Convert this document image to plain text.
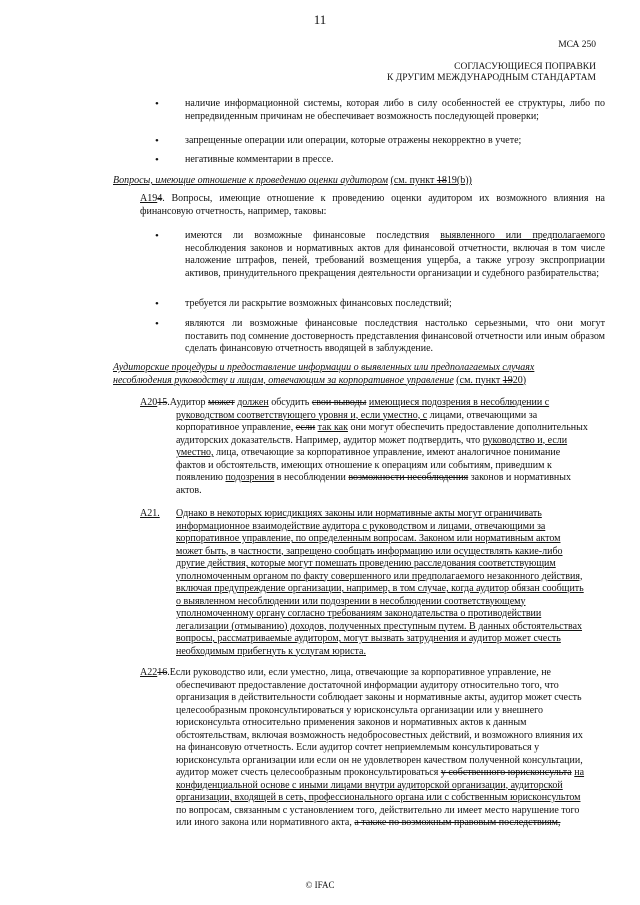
11
МСА 250
СОГЛАСУЮЩИЕСЯ ПОПРАВКИ
К ДРУГИМ МЕЖДУНАРОДНЫМ СТАНДАРТАМ
•	наличие информационной системы, которая либо в силу особенностей ее структуры, либо по непредвиденным причинам не обеспечивает возможность последующей проверки;
•	запрещенные операции или операции, которые отражены некорректно в учете;
•	негативные комментарии в прессе.
Вопросы, имеющие отношение к проведению оценки аудитором (см. пункт 1819(b))
А194. Вопросы, имеющие отношение к проведению оценки аудитором их возможного влияния на финансовую отчетность, например, таковы:
•	имеются ли возможные финансовые последствия выявленного или предполагаемого несоблюдения законов и нормативных актов для финансовой отчетности, включая в том числе наложение штрафов, пеней, требований возмещения ущерба, а также угрозу экспроприации активов, принудительного прекращения деятельности организации и судебного разбирательства;
•	требуется ли раскрытие возможных финансовых последствий;
•	являются ли возможные финансовые последствия настолько серьезными, что они могут поставить под сомнение достоверность представления финансовой отчетности или иным образом сделать финансовую отчетность вводящей в заблуждение.
Аудиторские процедуры и предоставление информации о выявленных или предполагаемых случаях
несоблюдения руководству и лицам, отвечающим за корпоративное управление (см. пункт 1920)
А2015.Аудитор может должен обсудить свои выводы имеющиеся подозрения в несоблюдении с
руководством соответствующего уровня и, если уместно, с лицами, отвечающими за
корпоративное управление, если так как они могут обеспечить предоставление дополнительных
аудиторских доказательств. Например, аудитор может подтвердить, что руководство и, если
уместно, лица, отвечающие за корпоративное управление, имеют аналогичное понимание
фактов и обстоятельств, имеющих отношение к операциям или событиям, приведшим к
появлению подозрения в несоблюдении возможности несоблюдения законов и нормативных
актов.
А21. Однако в некоторых юрисдикциях законы или нормативные акты могут ограничивать
информационное взаимодействие аудитора с руководством и лицами, отвечающими за
корпоративное управление, по определенным вопросам. Законом или нормативным актом
может быть, в частности, запрещено сообщать информацию или осуществлять какие-либо
другие действия, которые могут помешать проведению расследования соответствующим
уполномоченным органом по факту совершенного или предполагаемого незаконного действия,
включая предупреждение организации, например, в том случае, когда аудитор обязан сообщить
о выявленном несоблюдении или подозрении в несоблюдении соответствующему
уполномоченному органу согласно требованиям законодательства о противодействии
легализации (отмыванию) доходов, полученных преступным путем. В данных обстоятельствах
вопросы, рассматриваемые аудитором, могут вызвать затруднения и аудитор может счесть
необходимым прибегнуть к услугам юриста.
А2216.Если руководство или, если уместно, лица, отвечающие за корпоративное управление, не
обеспечивают предоставление достаточной информации аудитору относительно того, что
организация в действительности соблюдает законы и нормативные акты, аудитор может счесть
целесообразным проконсультироваться у юрисконсульта организации или у внешнего
юрисконсульта относительно применения законов и нормативных актов к данным
обстоятельствам, включая возможность недобросовестных действий, и возможного влияния их
на финансовую отчетность. Если аудитор сочтет неприемлемым консультироваться у
юрисконсульта организации или если он не удовлетворен качеством полученной консультации,
аудитор может счесть целесообразным проконсультироваться у собственного юрисконсульта на
конфиденциальной основе с иными лицами внутри аудиторской организации, аудиторской
организации, входящей в сеть, профессионального органа или с собственным юрисконсультом
по вопросам, связанным с установлением того, действительно ли имеет место нарушение того
или иного закона или нормативного акта, а также по возможным правовым последствиям,
© IFAC
